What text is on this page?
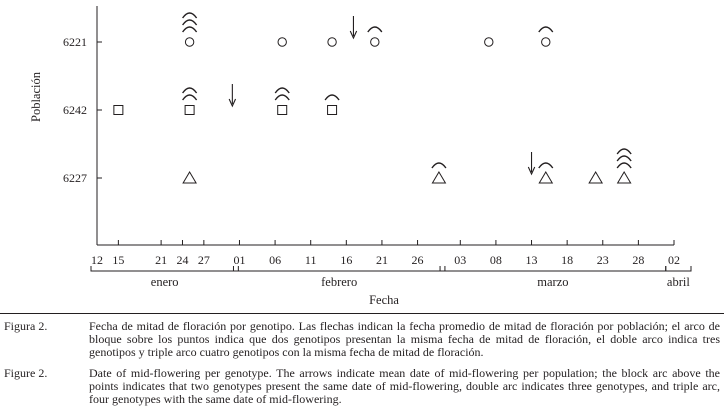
12 15	21 24 27 01 06 11 16 21 26	03 08 13 18 23 28 02
enero	febrero	marzo	abril
6221
6242
6227
Fecha
Población
Figura 2.	Fecha de mitad de floración por genotipo. Las flechas indican la fecha promedio de mitad de floración por población; el arco de bloque sobre los puntos indica que dos genotipos presentan la misma fecha de mitad de floración, el doble arco indica tres genotipos y triple arco cuatro genotipos con la misma fecha de mitad de floración.
Figure 2.	Date of mid-flowering per genotype. The arrows indicate mean date of mid-flowering per population; the block arc above the points indicates that two genotypes present the same date of mid-flowering, double arc indicates three genotypes, and triple arc, four genotypes with the same date of mid-flowering.
